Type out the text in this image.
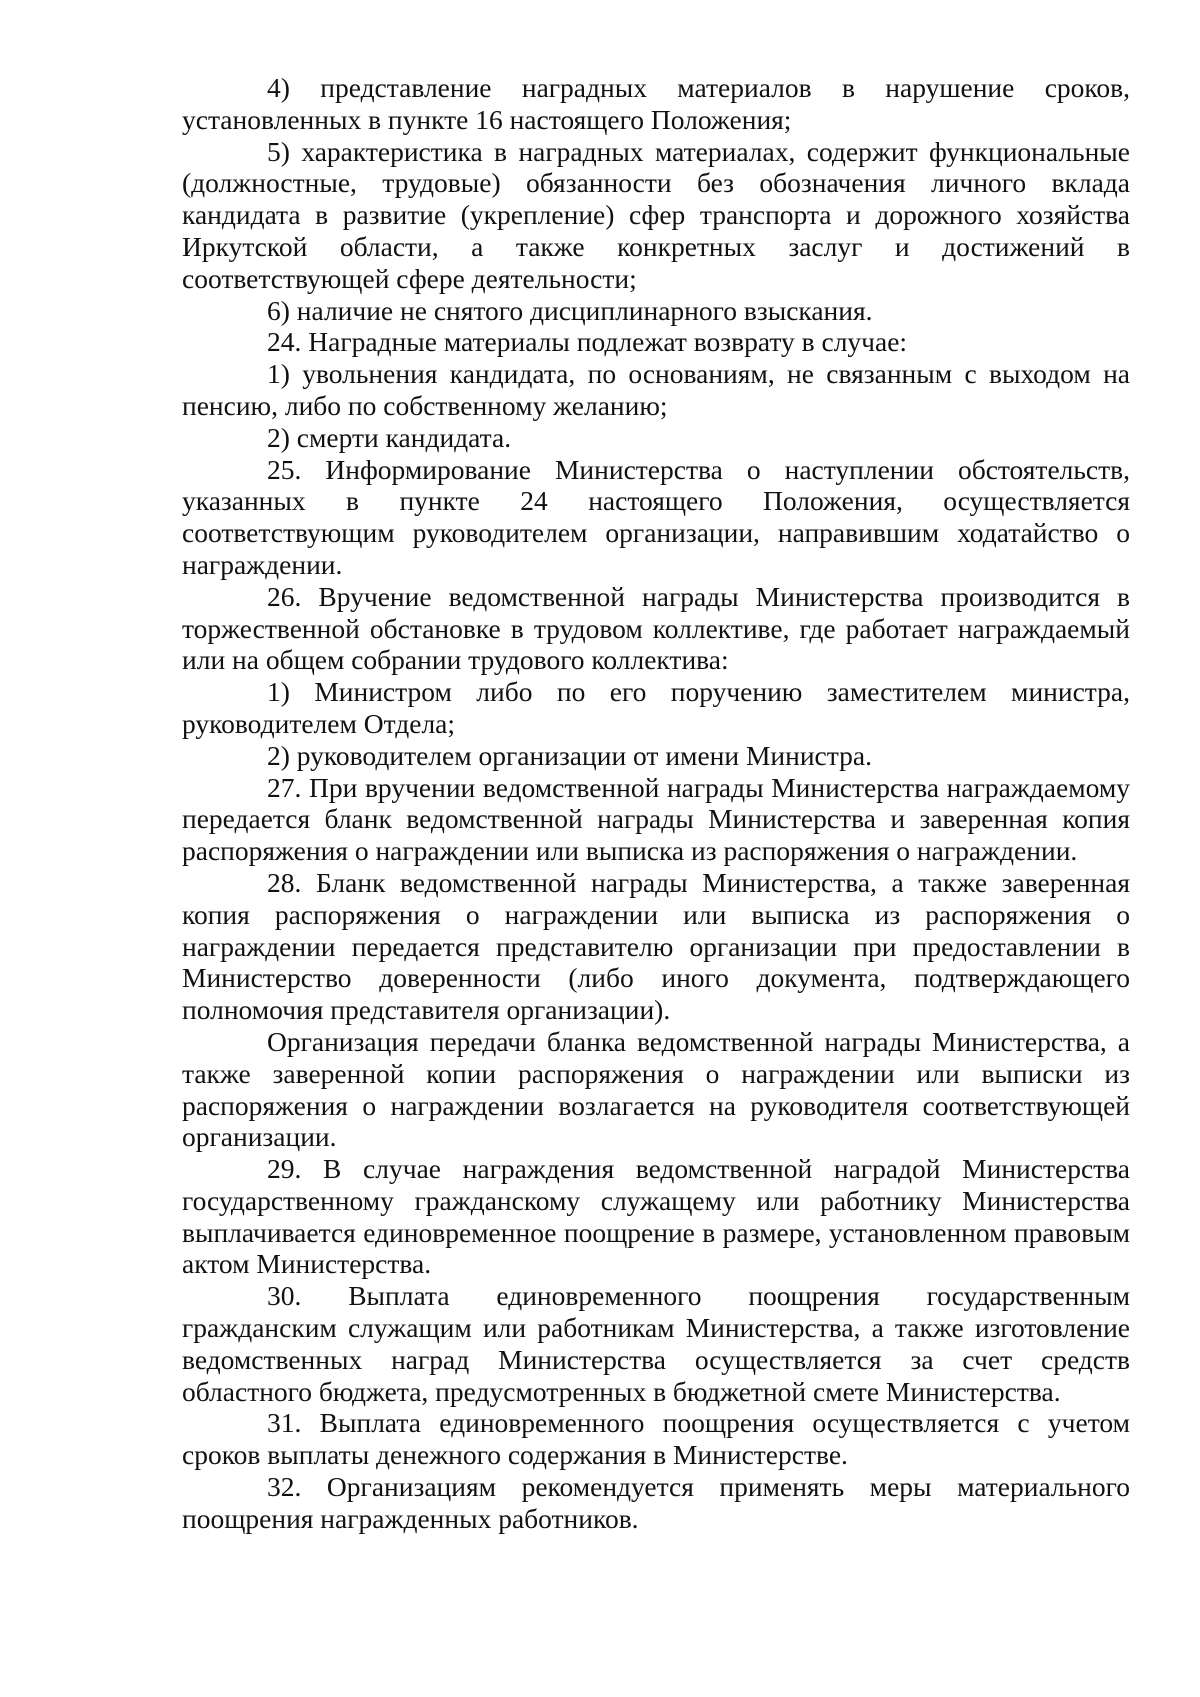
4) представление наградных материалов в нарушение сроков, установленных в пункте 16 настоящего Положения;

5) характеристика в наградных материалах, содержит функциональные (должностные, трудовые) обязанности без обозначения личного вклада кандидата в развитие (укрепление) сфер транспорта и дорожного хозяйства Иркутской области, а также конкретных заслуг и достижений в соответствующей сфере деятельности;

6) наличие не снятого дисциплинарного взыскания.

24. Наградные материалы подлежат возврату в случае:

1) увольнения кандидата, по основаниям, не связанным с выходом на пенсию, либо по собственному желанию;

2) смерти кандидата.

25. Информирование Министерства о наступлении обстоятельств, указанных в пункте 24 настоящего Положения, осуществляется соответствующим руководителем организации, направившим ходатайство о награждении.

26. Вручение ведомственной награды Министерства производится в торжественной обстановке в трудовом коллективе, где работает награждаемый или на общем собрании трудового коллектива:

1) Министром либо по его поручению заместителем министра, руководителем Отдела;

2) руководителем организации от имени Министра.

27. При вручении ведомственной награды Министерства награждаемому передается бланк ведомственной награды Министерства и заверенная копия распоряжения о награждении или выписка из распоряжения о награждении.

28. Бланк ведомственной награды Министерства, а также заверенная копия распоряжения о награждении или выписка из распоряжения о награждении передается представителю организации при предоставлении в Министерство доверенности (либо иного документа, подтверждающего полномочия представителя организации).

Организация передачи бланка ведомственной награды Министерства, а также заверенной копии распоряжения о награждении или выписки из распоряжения о награждении возлагается на руководителя соответствующей организации.

29. В случае награждения ведомственной наградой Министерства государственному гражданскому служащему или работнику Министерства выплачивается единовременное поощрение в размере, установленном правовым актом Министерства.

30. Выплата единовременного поощрения государственным гражданским служащим или работникам Министерства, а также изготовление ведомственных наград Министерства осуществляется за счет средств областного бюджета, предусмотренных в бюджетной смете Министерства.

31. Выплата единовременного поощрения осуществляется с учетом сроков выплаты денежного содержания в Министерстве.

32. Организациям рекомендуется применять меры материального поощрения награжденных работников.
